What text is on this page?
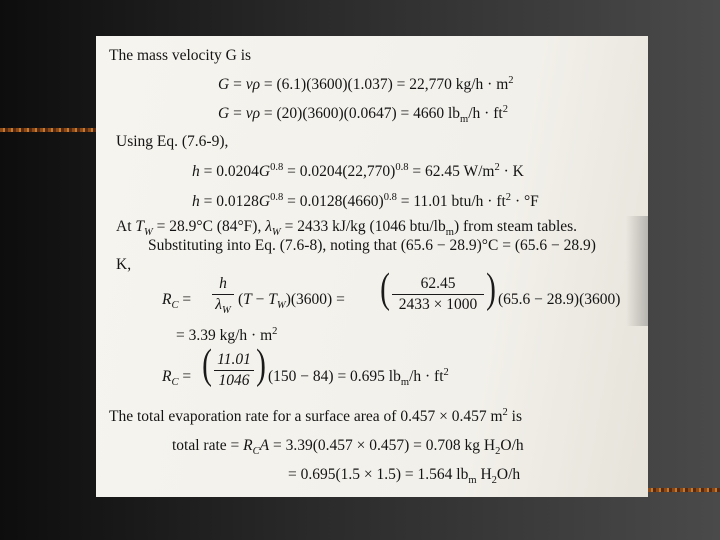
The mass velocity G is
G = vρ = (6.1)(3600)(1.037) = 22,770 $kg/h \cdot m^2$
G = vρ = (20)(3600)(0.0647) = 4660 $lb_m/h \cdot ft^2$
Using Eq. (7.6-9),
$h = 0.0204G^{0.8} = 0.0204(22,770)^{0.8} = 62.45$ $W/m^2 \cdot K$
$h = 0.0128G^{0.8} = 0.0128(4660)^{0.8} = 11.01$ $btu/h \cdot ft^2 \cdot ^\circ F$
At $T_W = 28.9^\circ C$ (84°F), $\lambda_W = 2433$ kJ/kg (1046 btu/$lb_m$) from steam tables.
Substituting into Eq. (7.6-8), noting that (65.6 − 28.9)°C = (65.6 − 28.9)
K,
$R_C$ =
h
$\lambda_W$
$(T - T_W)(3600)$ = (	62.45
2433 × 1000 ) (65.6 − 28.9)(3600)
= 3.39 $kg/h \cdot m^2$
$R_C$ = ( 11.01
1046 ) (150 − 84) = 0.695 $lb_m/h \cdot ft^2$
The total evaporation rate for a surface area of 0.457 × 0.457 $m^2$ is
total rate = $R_CA = 3.39(0.457 \times 0.457) = 0.708$ kg $H_2O/h$
= 0.695(1.5 × 1.5) = 1.564 $lb_m$ $H_2O/h$
